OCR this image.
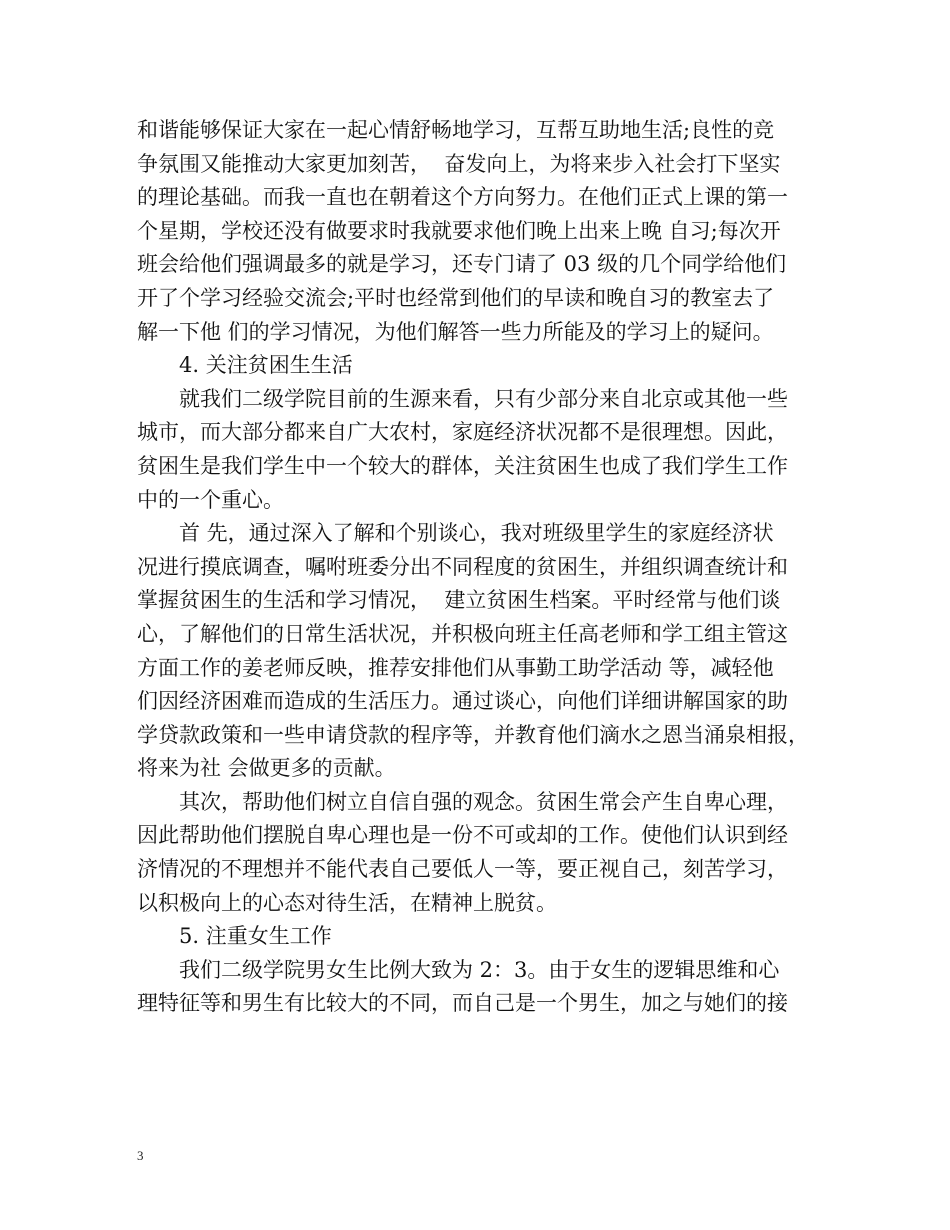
和谐能够保证大家在一起心情舒畅地学习，互帮互助地生活;良性的竞
争氛围又能推动大家更加刻苦，  奋发向上，为将来步入社会打下坚实
的理论基础。而我一直也在朝着这个方向努力。在他们正式上课的第一
个星期，学校还没有做要求时我就要求他们晚上出来上晚 自习;每次开
班会给他们强调最多的就是学习，还专门请了 03 级的几个同学给他们
开了个学习经验交流会;平时也经常到他们的早读和晚自习的教室去了
解一下他 们的学习情况，为他们解答一些力所能及的学习上的疑问。
4. 关注贫困生生活
就我们二级学院目前的生源来看，只有少部分来自北京或其他一些
城市，而大部分都来自广大农村，家庭经济状况都不是很理想。因此，
贫困生是我们学生中一个较大的群体，关注贫困生也成了我们学生工作
中的一个重心。
首 先，通过深入了解和个别谈心，我对班级里学生的家庭经济状
况进行摸底调查，嘱咐班委分出不同程度的贫困生，并组织调查统计和
掌握贫困生的生活和学习情况，  建立贫困生档案。平时经常与他们谈
心，了解他们的日常生活状况，并积极向班主任高老师和学工组主管这
方面工作的姜老师反映，推荐安排他们从事勤工助学活动 等，减轻他
们因经济困难而造成的生活压力。通过谈心，向他们详细讲解国家的助
学贷款政策和一些申请贷款的程序等，并教育他们滴水之恩当涌泉相报，
将来为社 会做更多的贡献。
其次，帮助他们树立自信自强的观念。贫困生常会产生自卑心理，
因此帮助他们摆脱自卑心理也是一份不可或却的工作。使他们认识到经
济情况的不理想并不能代表自己要低人一等，要正视自己，刻苦学习，
以积极向上的心态对待生活，在精神上脱贫。
5. 注重女生工作
我们二级学院男女生比例大致为 2：3。由于女生的逻辑思维和心
理特征等和男生有比较大的不同，而自己是一个男生，加之与她们的接
3
